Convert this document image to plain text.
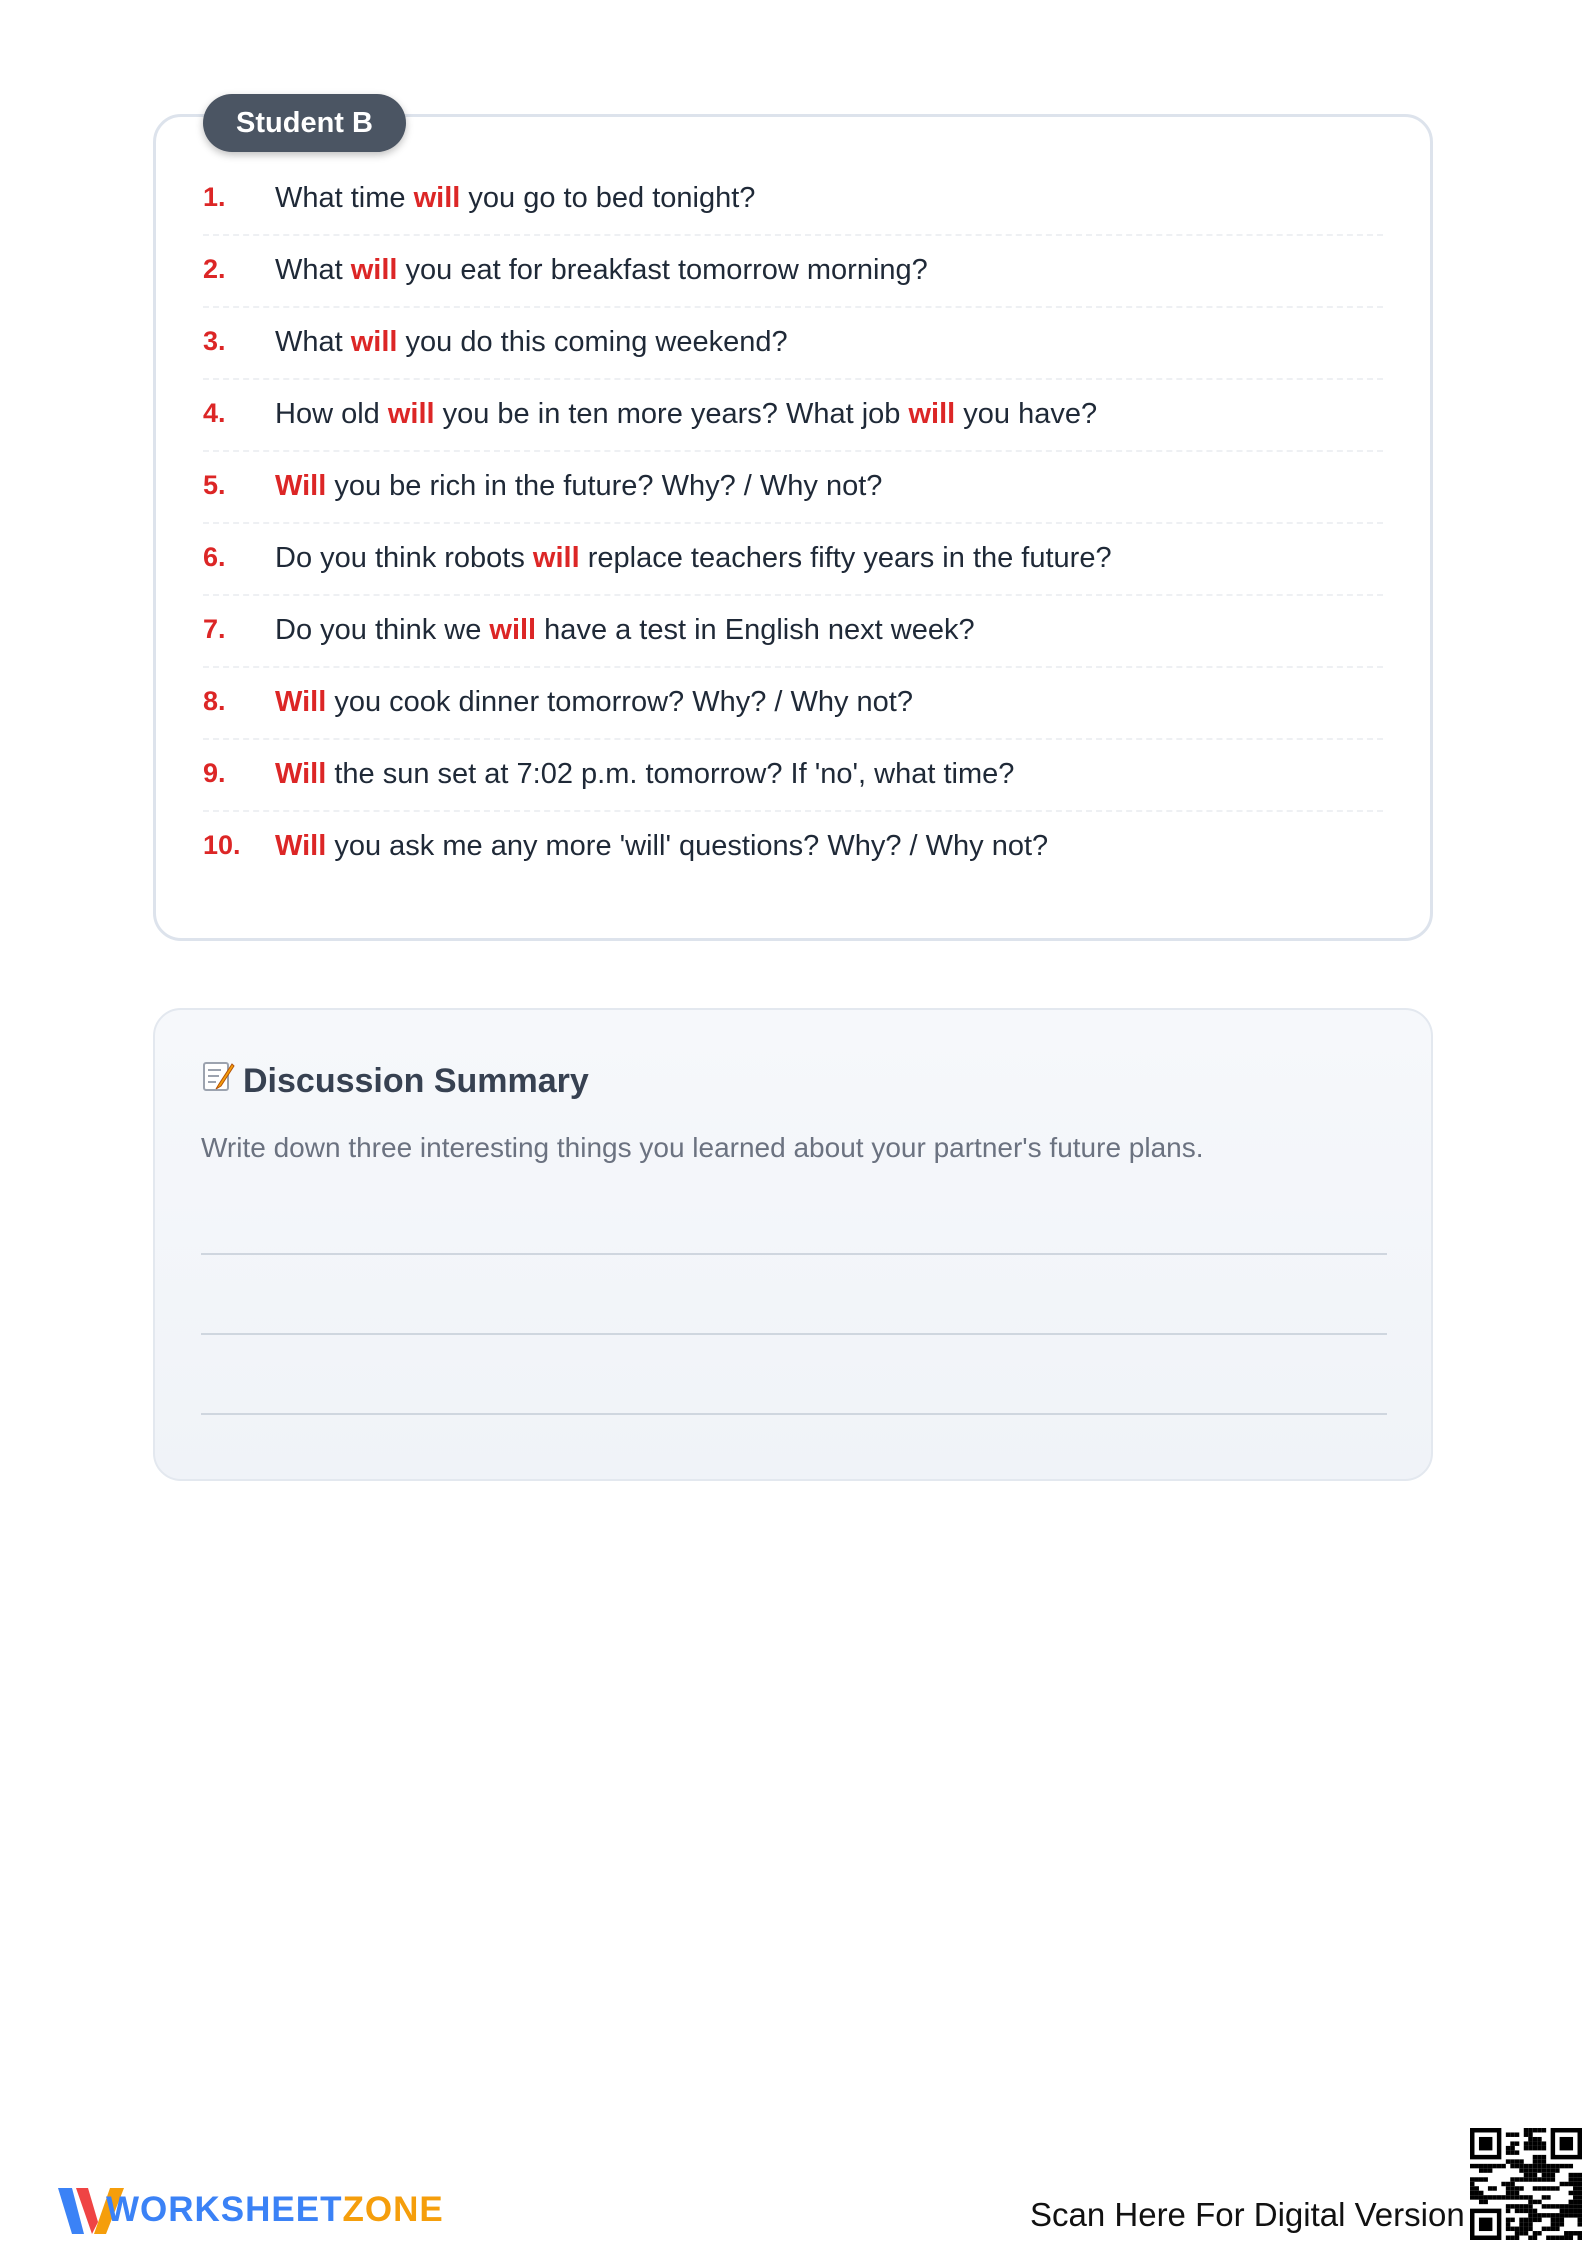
Student B
1. What time will you go to bed tonight?
2. What will you eat for breakfast tomorrow morning?
3. What will you do this coming weekend?
4. How old will you be in ten more years? What job will you have?
5. Will you be rich in the future? Why? / Why not?
6. Do you think robots will replace teachers fifty years in the future?
7. Do you think we will have a test in English next week?
8. Will you cook dinner tomorrow? Why? / Why not?
9. Will the sun set at 7:02 p.m. tomorrow? If 'no', what time?
10. Will you ask me any more 'will' questions? Why? / Why not?
Discussion Summary
Write down three interesting things you learned about your partner's future plans.
WORKSHEETZONE	Scan Here For Digital Version
